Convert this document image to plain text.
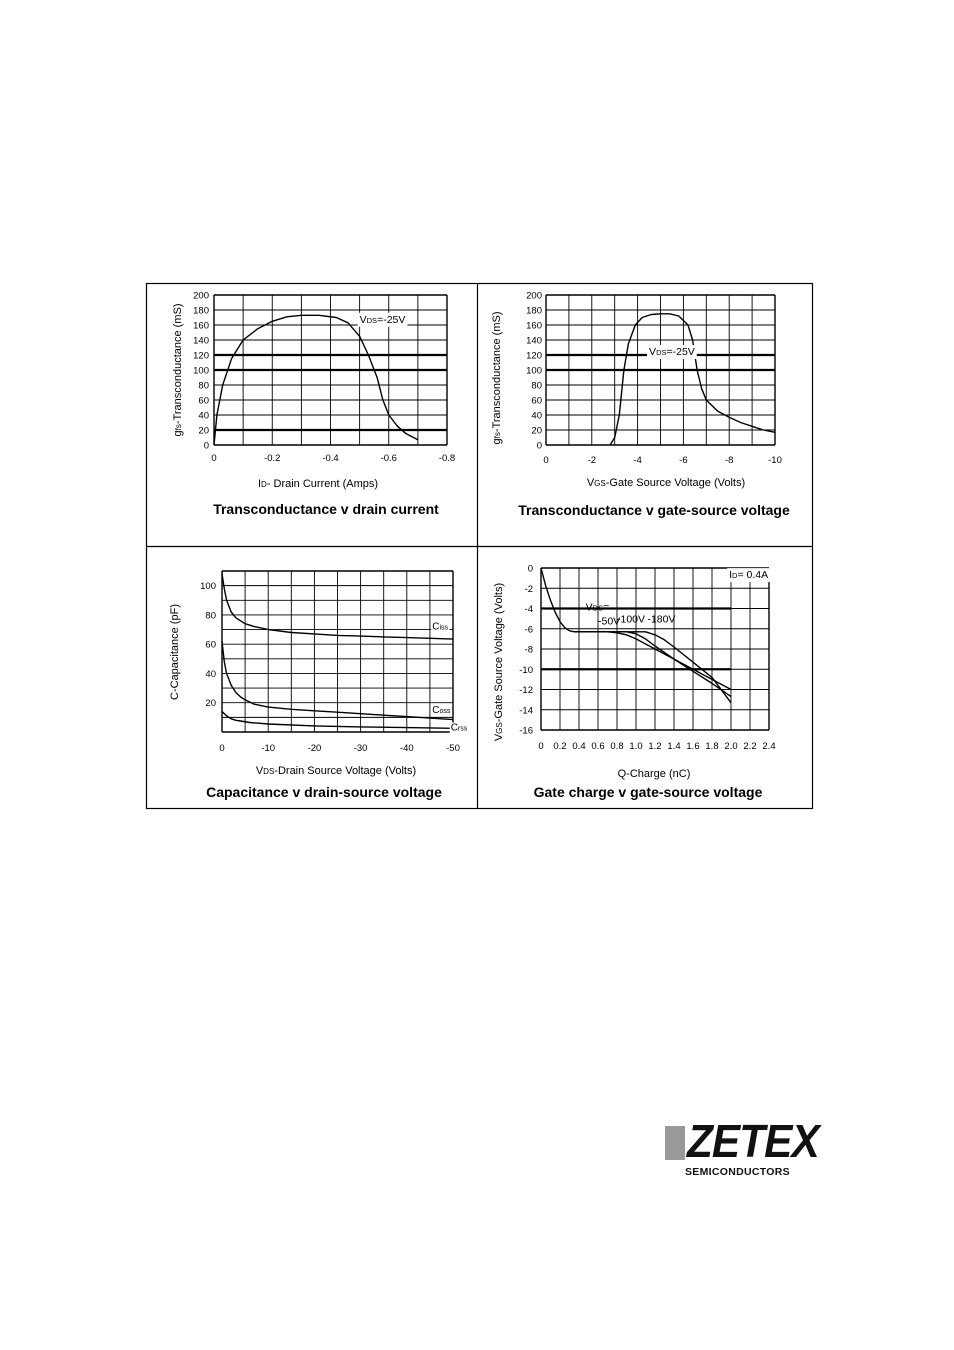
0	-0.2	-0.4	-0.6	-0.8
0
20
40
60
80
100
120
140
160
180
200
ID- Drain Current (Amps)
gfs-Transconductance (mS)
Transconductance v drain current
VDS=-25V
0	-2	-4	-6	-8	-10
0
20
40
60
80
100
120
140
160
180
200
VGS-Gate Source Voltage (Volts)
gfs-Transconductance (mS)
Transconductance v gate-source voltage
VDS=-25V
0	-10	-20	-30	-40	-50
20
40
60
80
100
VDS-Drain Source Voltage (Volts)
C-Capacitance (pF)
Capacitance v drain-source voltage
Ciss
Coss
Crss
0 0.2 0.4 0.6 0.8 1.0 1.2 1.4 1.6 1.8 2.0 2.2 2.4
0
-2
-4
-6
-8
-10
-12
-14
-16
Q-Charge (nC)
VGS-Gate Source Voltage (Volts)
Gate charge v gate-source voltage
ID= 0.4A
VDS=
-50V
-100V -180V
ZETEX
SEMICONDUCTORS
